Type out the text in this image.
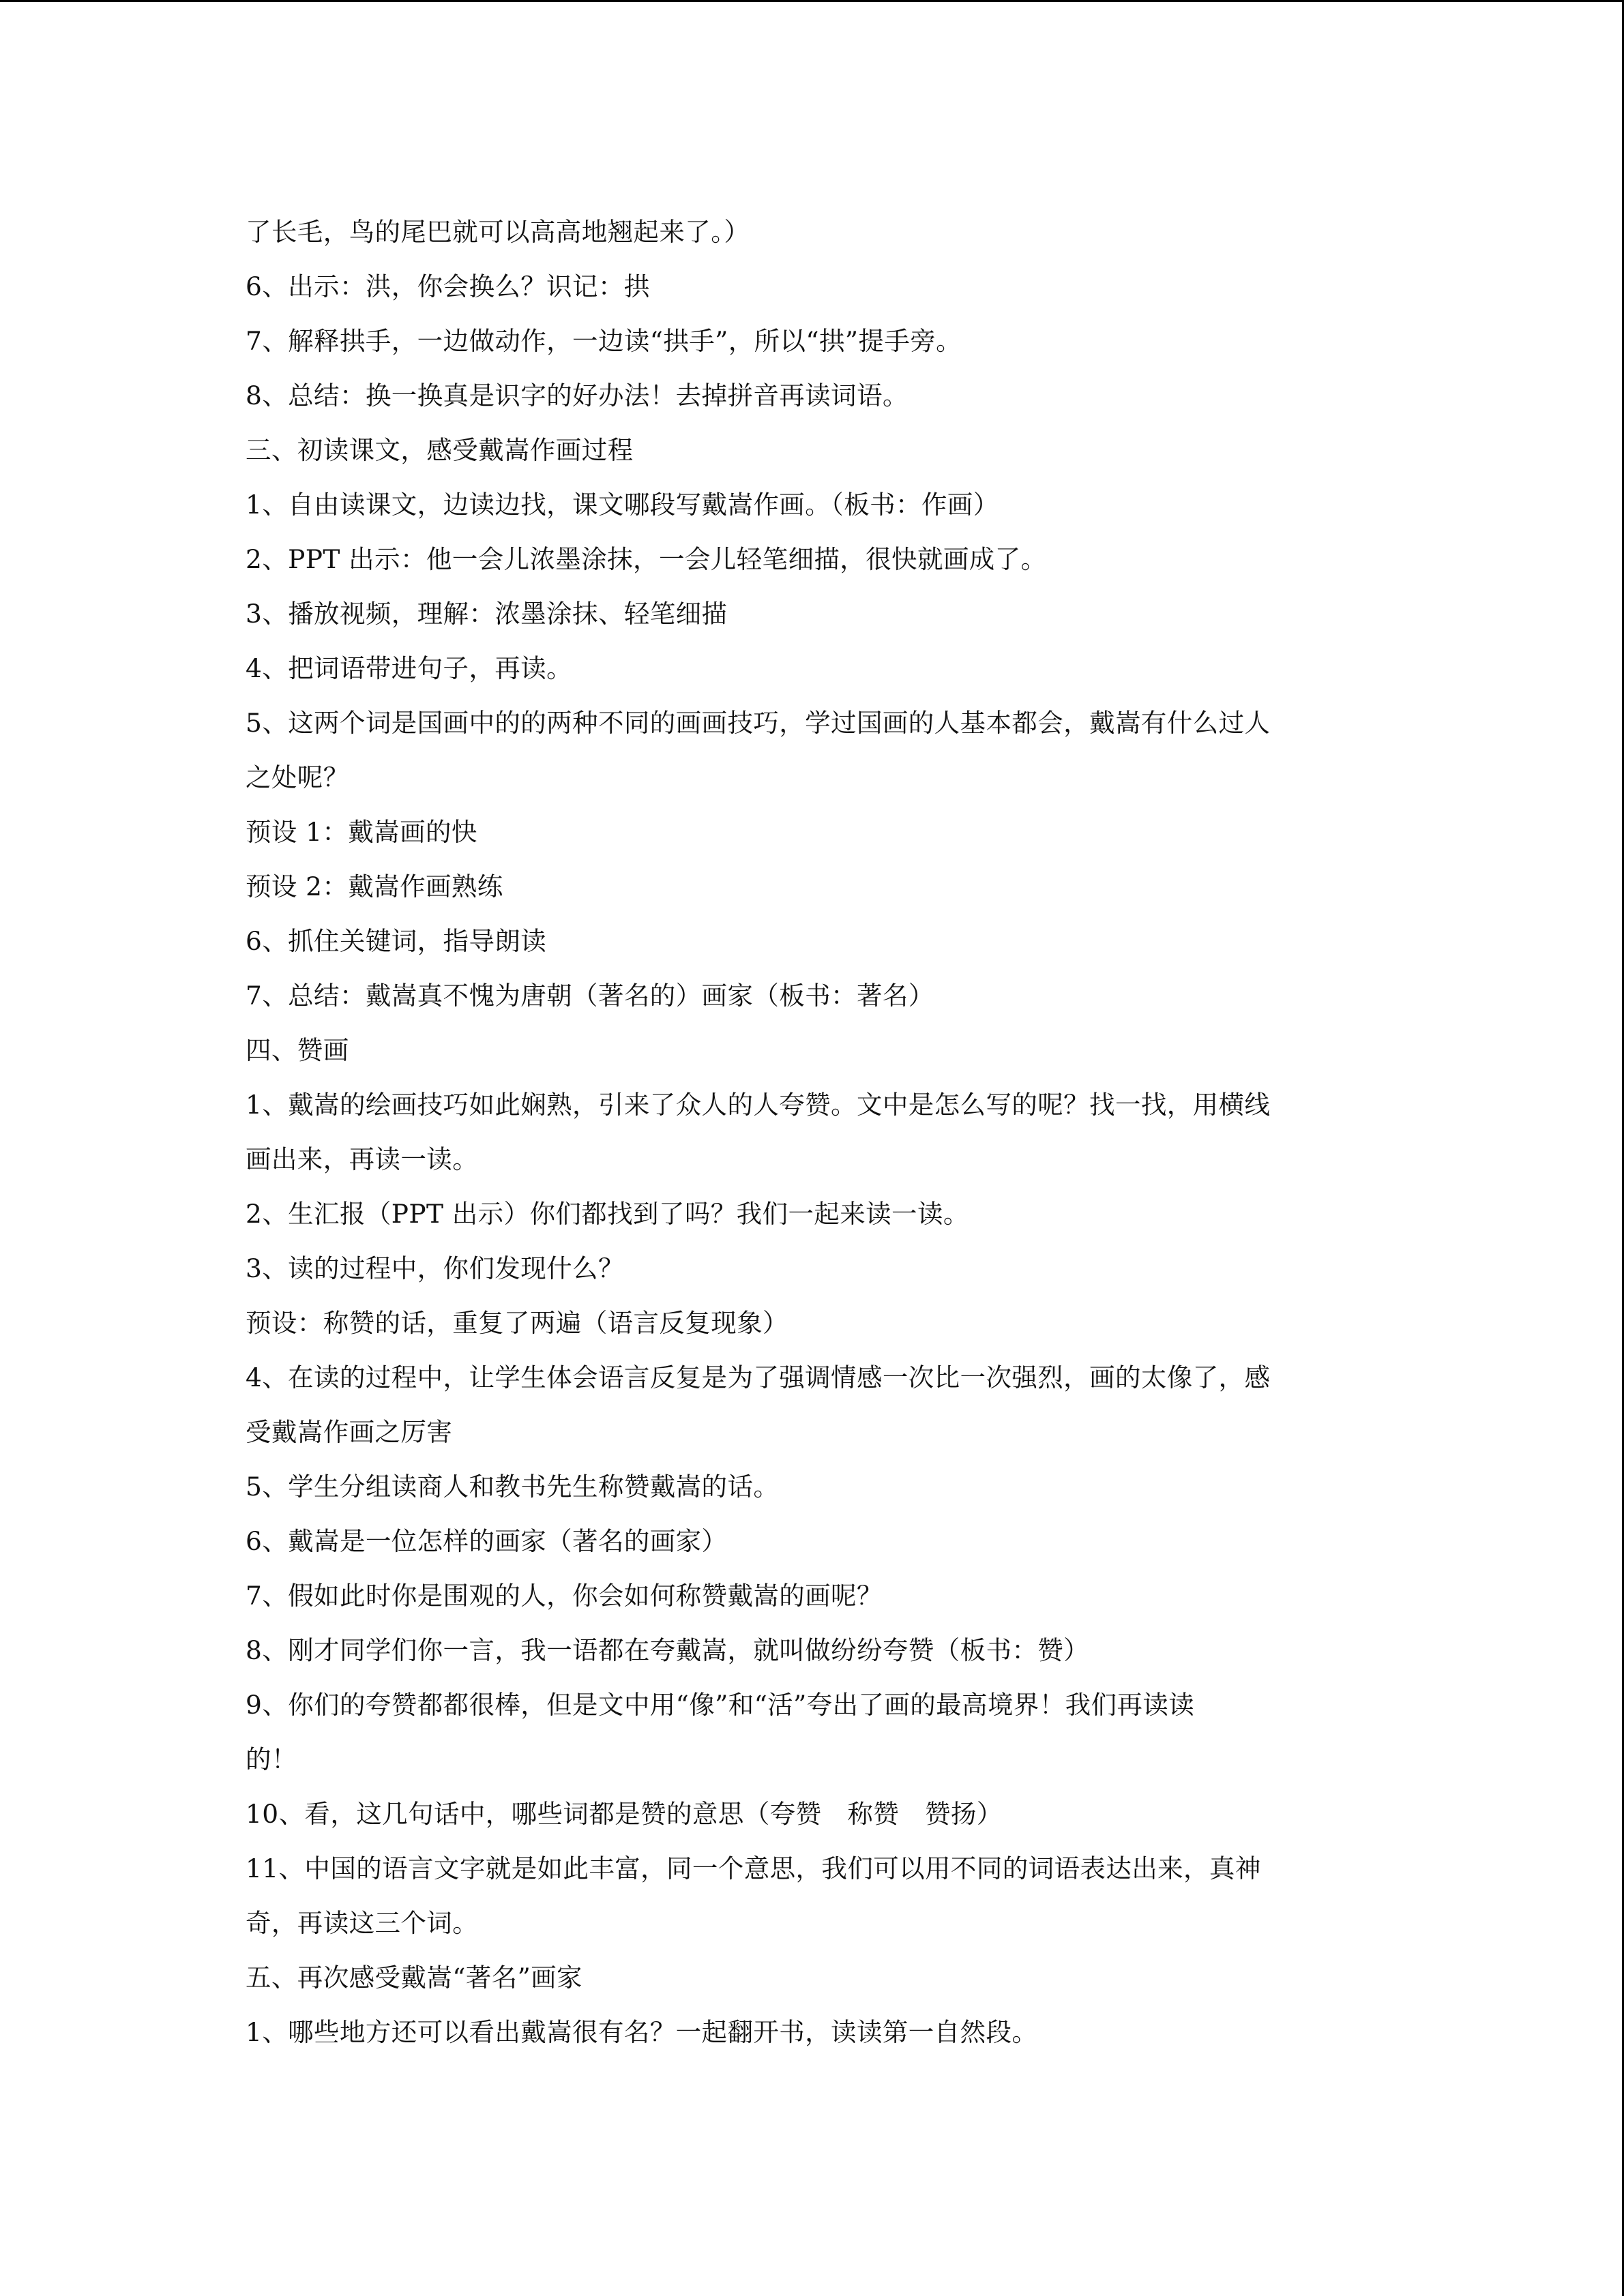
了长毛，鸟的尾巴就可以高高地翘起来了。）
6、出示：洪，你会换么？识记：拱
7、解释拱手，一边做动作，一边读“拱手”，所以“拱”提手旁。
8、总结：换一换真是识字的好办法！去掉拼音再读词语。
三、初读课文，感受戴嵩作画过程
1、自由读课文，边读边找，课文哪段写戴嵩作画。（板书：作画）
2、PPT 出示：他一会儿浓墨涂抹，一会儿轻笔细描，很快就画成了。
3、播放视频，理解：浓墨涂抹、轻笔细描
4、把词语带进句子，再读。
5、这两个词是国画中的的两种不同的画画技巧，学过国画的人基本都会，戴嵩有什么过人
之处呢？
预设 1：戴嵩画的快
预设 2：戴嵩作画熟练
6、抓住关键词，指导朗读
7、总结：戴嵩真不愧为唐朝（著名的）画家（板书：著名）
四、赞画
1、戴嵩的绘画技巧如此娴熟，引来了众人的人夸赞。文中是怎么写的呢？找一找，用横线
画出来，再读一读。
2、生汇报（PPT 出示）你们都找到了吗？我们一起来读一读。
3、读的过程中，你们发现什么？
预设：称赞的话，重复了两遍（语言反复现象）
4、在读的过程中，让学生体会语言反复是为了强调情感一次比一次强烈，画的太像了，感
受戴嵩作画之厉害
5、学生分组读商人和教书先生称赞戴嵩的话。
6、戴嵩是一位怎样的画家（著名的画家）
7、假如此时你是围观的人，你会如何称赞戴嵩的画呢？
8、刚才同学们你一言，我一语都在夸戴嵩，就叫做纷纷夸赞（板书：赞）
9、你们的夸赞都都很棒，但是文中用“像”和“活”夸出了画的最高境界！我们再读读
的！
10、看，这几句话中，哪些词都是赞的意思（夸赞　称赞　赞扬）
11、中国的语言文字就是如此丰富，同一个意思，我们可以用不同的词语表达出来，真神
奇，再读这三个词。
五、再次感受戴嵩“著名”画家
1、哪些地方还可以看出戴嵩很有名？一起翻开书，读读第一自然段。
